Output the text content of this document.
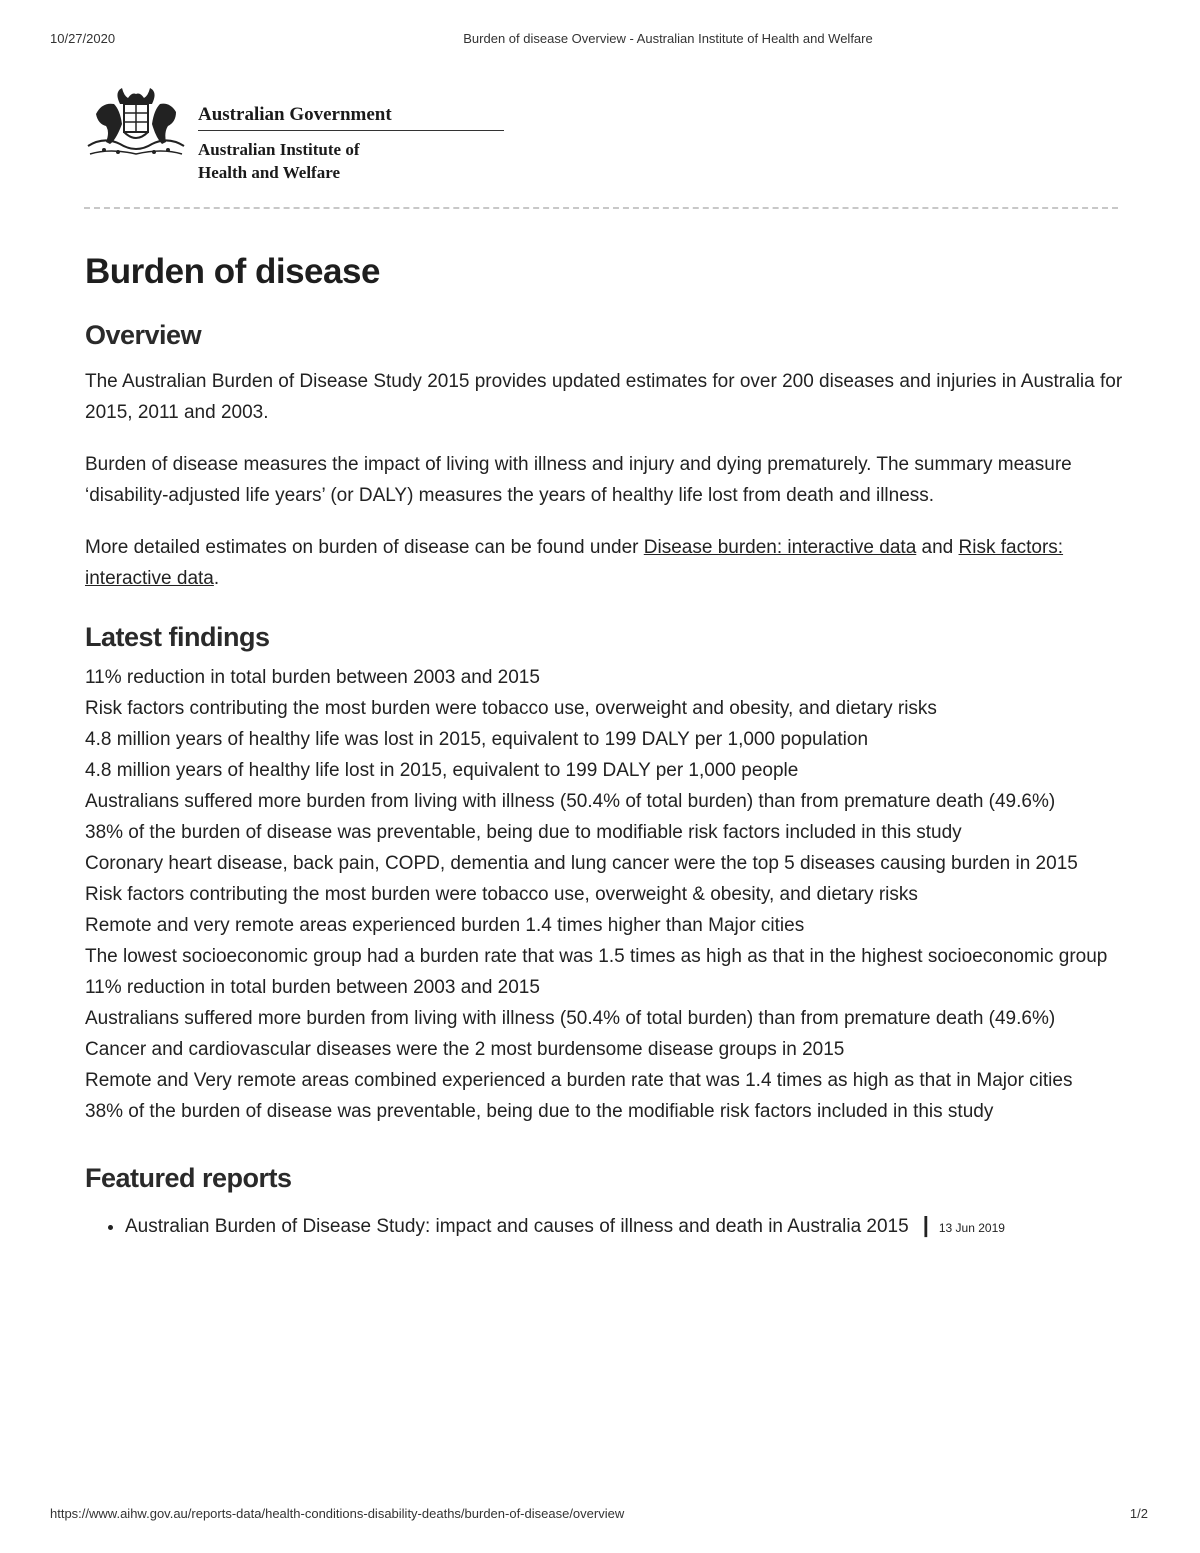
10/27/2020	Burden of disease Overview - Australian Institute of Health and Welfare
Australian Government
Australian Institute of
Health and Welfare
Burden of disease
Overview

The Australian Burden of Disease Study 2015 provides updated estimates for over 200 diseases and injuries in Australia for 2015, 2011 and 2003.

Burden of disease measures the impact of living with illness and injury and dying prematurely. The summary measure ‘disability-adjusted life years’ (or DALY) measures the years of healthy life lost from death and illness.

More detailed estimates on burden of disease can be found under Disease burden: interactive data and Risk factors: interactive data.

Latest findings
11% reduction in total burden between 2003 and 2015
Risk factors contributing the most burden were tobacco use, overweight and obesity, and dietary risks
4.8 million years of healthy life was lost in 2015, equivalent to 199 DALY per 1,000 population
4.8 million years of healthy life lost in 2015, equivalent to 199 DALY per 1,000 people
Australians suffered more burden from living with illness (50.4% of total burden) than from premature death (49.6%)
38% of the burden of disease was preventable, being due to modifiable risk factors included in this study
Coronary heart disease, back pain, COPD, dementia and lung cancer were the top 5 diseases causing burden in 2015
Risk factors contributing the most burden were tobacco use, overweight & obesity, and dietary risks
Remote and very remote areas experienced burden 1.4 times higher than Major cities
The lowest socioeconomic group had a burden rate that was 1.5 times as high as that in the highest socioeconomic group
11% reduction in total burden between 2003 and 2015
Australians suffered more burden from living with illness (50.4% of total burden) than from premature death (49.6%)
Cancer and cardiovascular diseases were the 2 most burdensome disease groups in 2015
Remote and Very remote areas combined experienced a burden rate that was 1.4 times as high as that in Major cities
38% of the burden of disease was preventable, being due to the modifiable risk factors included in this study
Featured reports
• Australian Burden of Disease Study: impact and causes of illness and death in Australia 2015 | 13 Jun 2019
https://www.aihw.gov.au/reports-data/health-conditions-disability-deaths/burden-of-disease/overview	1/2
